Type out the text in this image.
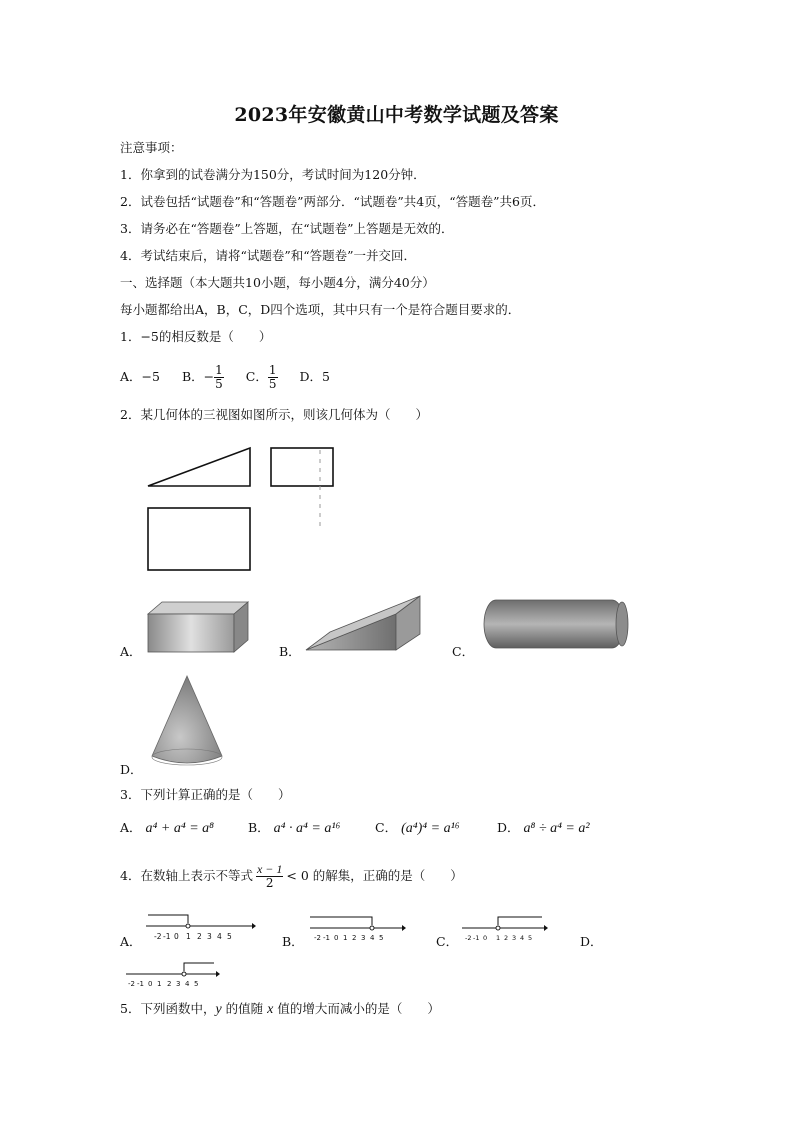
2023年安徽黄山中考数学试题及答案
注意事项：
1．你拿到的试卷满分为150分，考试时间为120分钟．
2．试卷包括“试题卷”和“答题卷”两部分．“试题卷”共4页，“答题卷”共6页．
3．请务必在“答题卷”上答题，在“试题卷”上答题是无效的．
4．考试结束后，请将“试题卷”和“答题卷”一并交回．
一、选择题（本大题共10小题，每小题4分，满分40分）
每小题都给出A，B，C，D四个选项，其中只有一个是符合题目要求的．
1．−5的相反数是（　　）
A．−5 B．− $\frac{1}{5}$ C． $\frac{1}{5}$ D．5
2．某几何体的三视图如图所示，则该几何体为（　　）
A．	B．	C．
D．
3．下列计算正确的是（　　）
A． a⁴ + a⁴ = a⁸	B． a⁴ · a⁴ = a¹⁶	C． (a⁴)⁴ = a¹⁶	D． a⁸ ÷ a⁴ = a²
4．在数轴上表示不等式 $\frac{x - 1}{2} < 0$ 的解集，正确的是（　　）
A． -2 -1 0 1 2 3 4 5	B． -2 -1 0 1 2 3 4 5	C． -2 -1 0 1 2 3 4 5	D．
-2 -1 0 1 2 3 4 5
5．下列函数中，y 的值随 x 值的增大而减小的是（　　）
